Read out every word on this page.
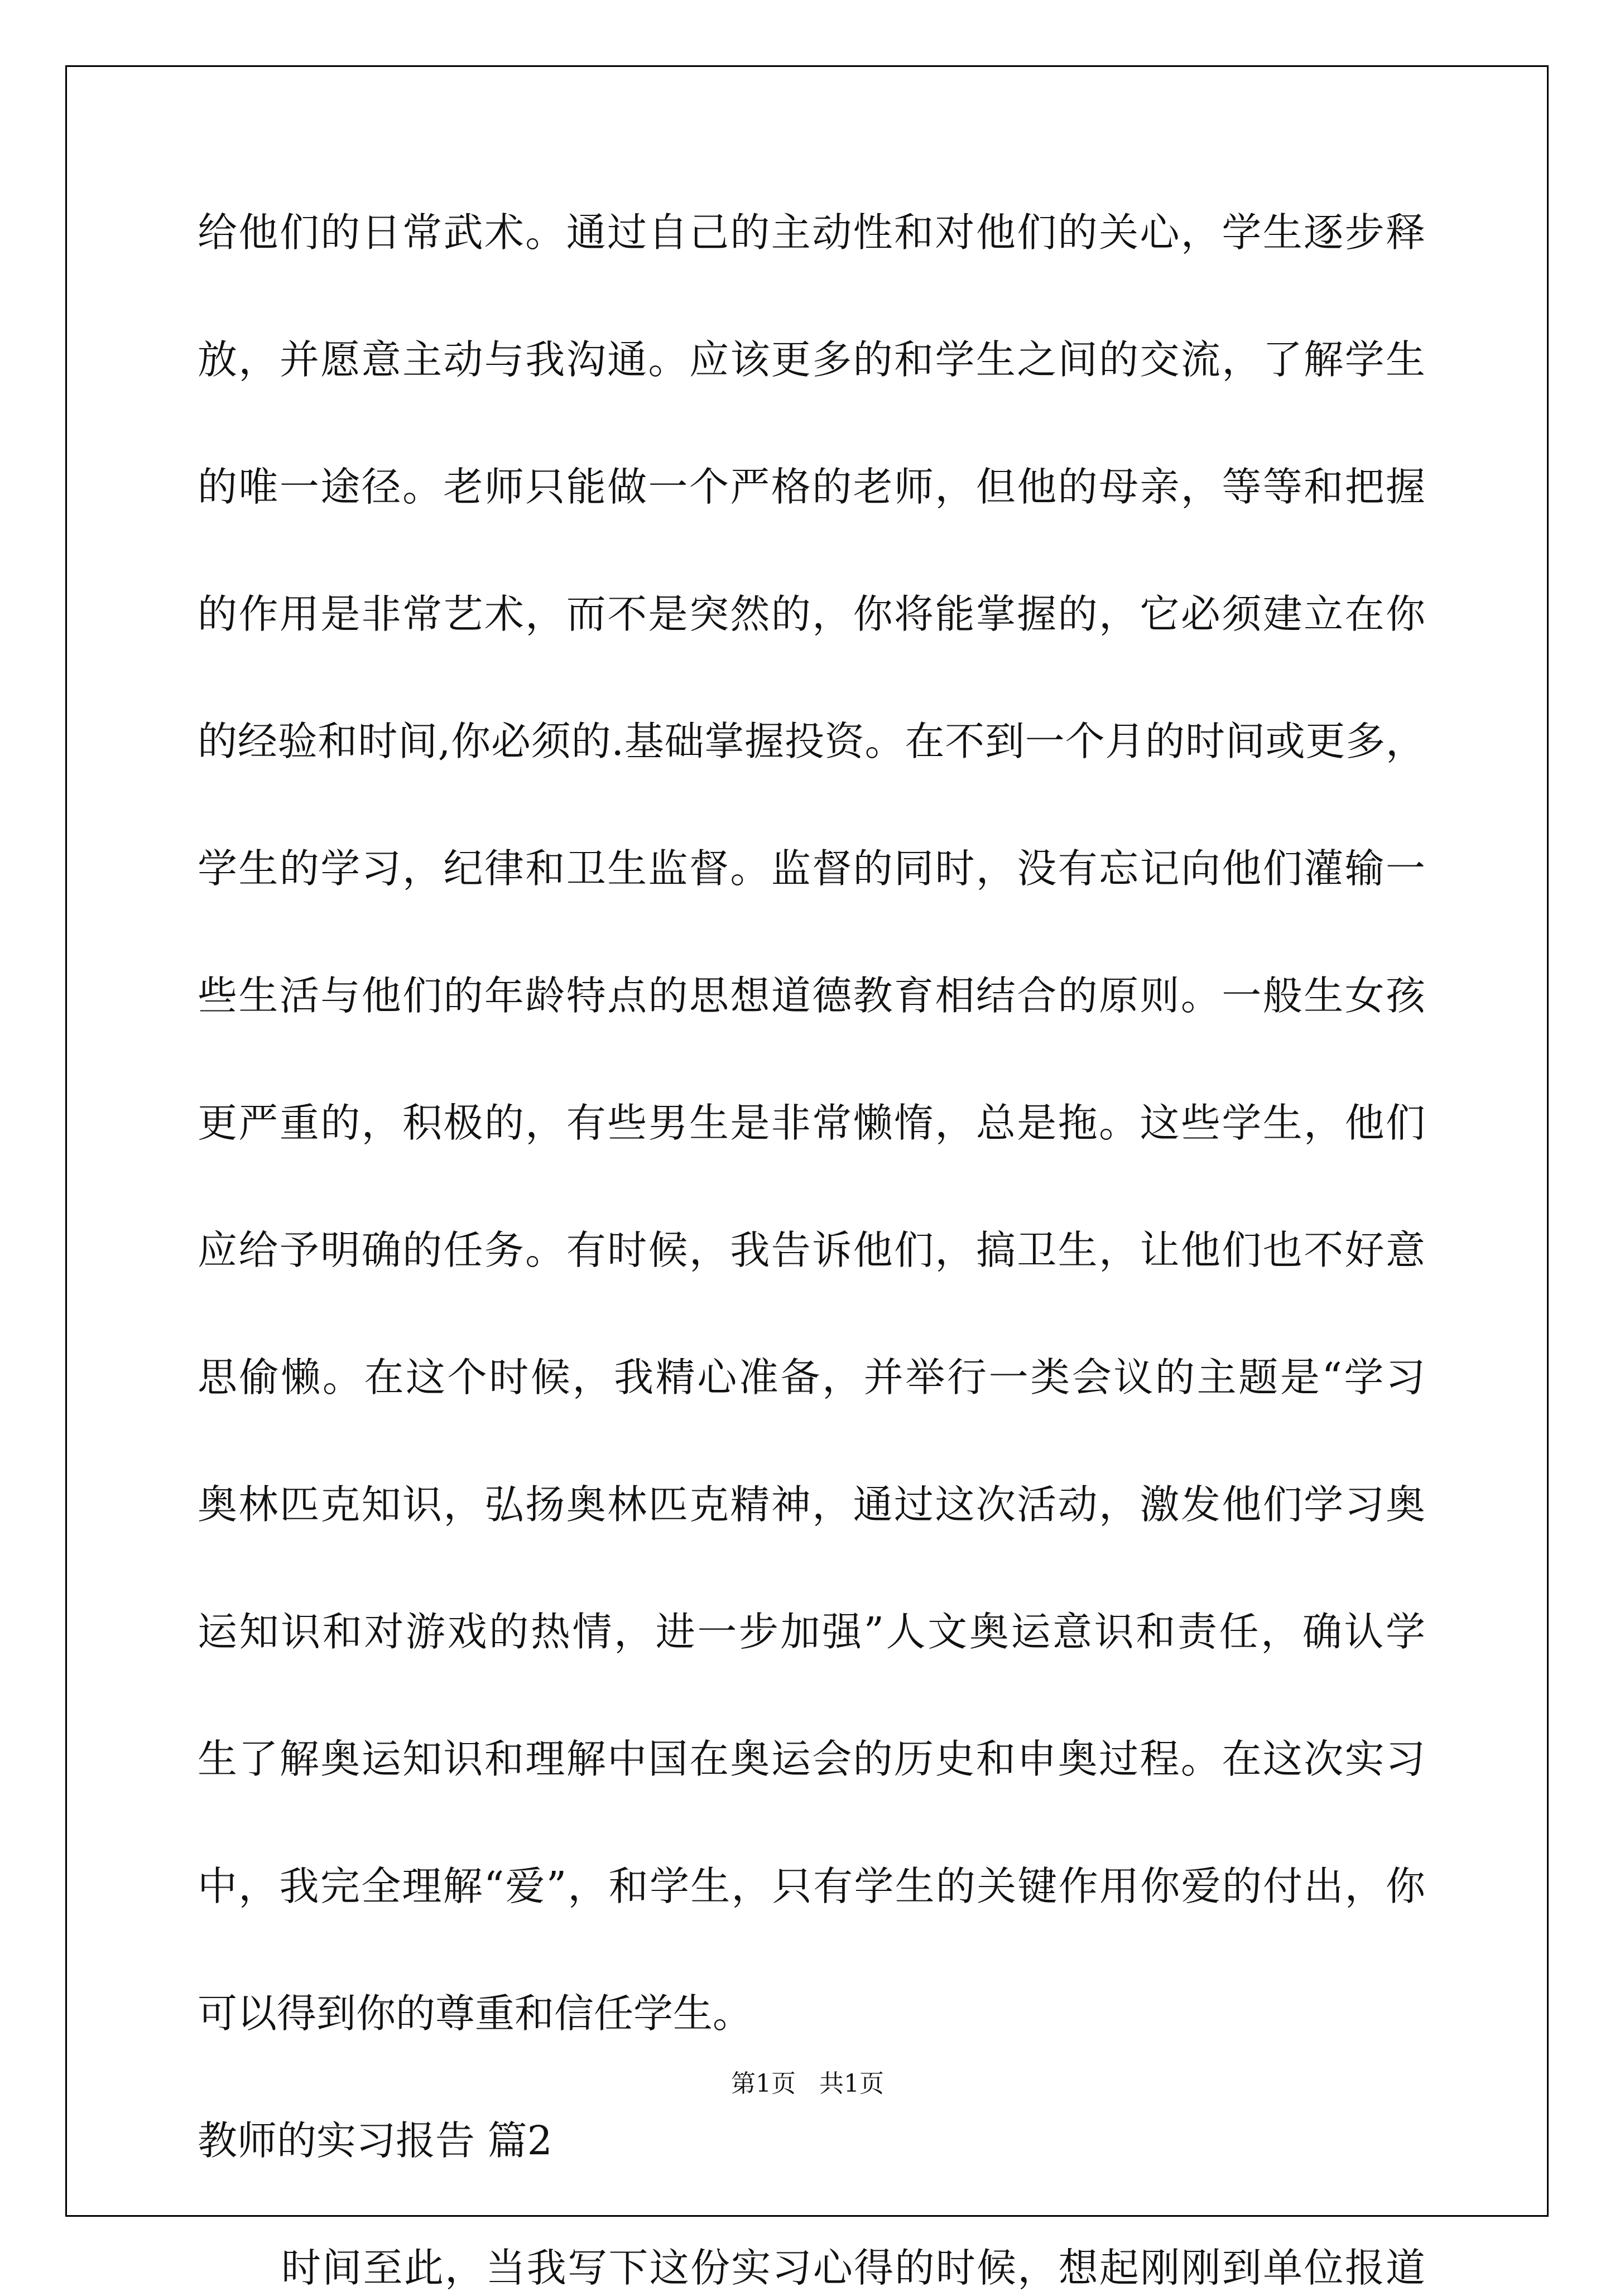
给他们的日常武术。通过自己的主动性和对他们的关心，学生逐步释
放，并愿意主动与我沟通。应该更多的和学生之间的交流，了解学生
的唯一途径。老师只能做一个严格的老师，但他的母亲，等等和把握
的作用是非常艺术，而不是突然的，你将能掌握的，它必须建立在你
的经验和时间,你必须的.基础掌握投资。在不到一个月的时间或更多，
学生的学习，纪律和卫生监督。监督的同时，没有忘记向他们灌输一
些生活与他们的年龄特点的思想道德教育相结合的原则。一般生女孩
更严重的，积极的，有些男生是非常懒惰，总是拖。这些学生，他们
应给予明确的任务。有时候，我告诉他们，搞卫生，让他们也不好意
思偷懒。在这个时候，我精心准备，并举行一类会议的主题是“学习
奥林匹克知识，弘扬奥林匹克精神，通过这次活动，激发他们学习奥
运知识和对游戏的热情，进一步加强”人文奥运意识和责任，确认学
生了解奥运知识和理解中国在奥运会的历史和申奥过程。在这次实习
中，我完全理解“爱”，和学生，只有学生的关键作用你爱的付出，你
可以得到你的尊重和信任学生。
教师的实习报告 篇2
时间至此，当我写下这份实习心得的时候，想起刚刚到单位报道
第1页   共1页
